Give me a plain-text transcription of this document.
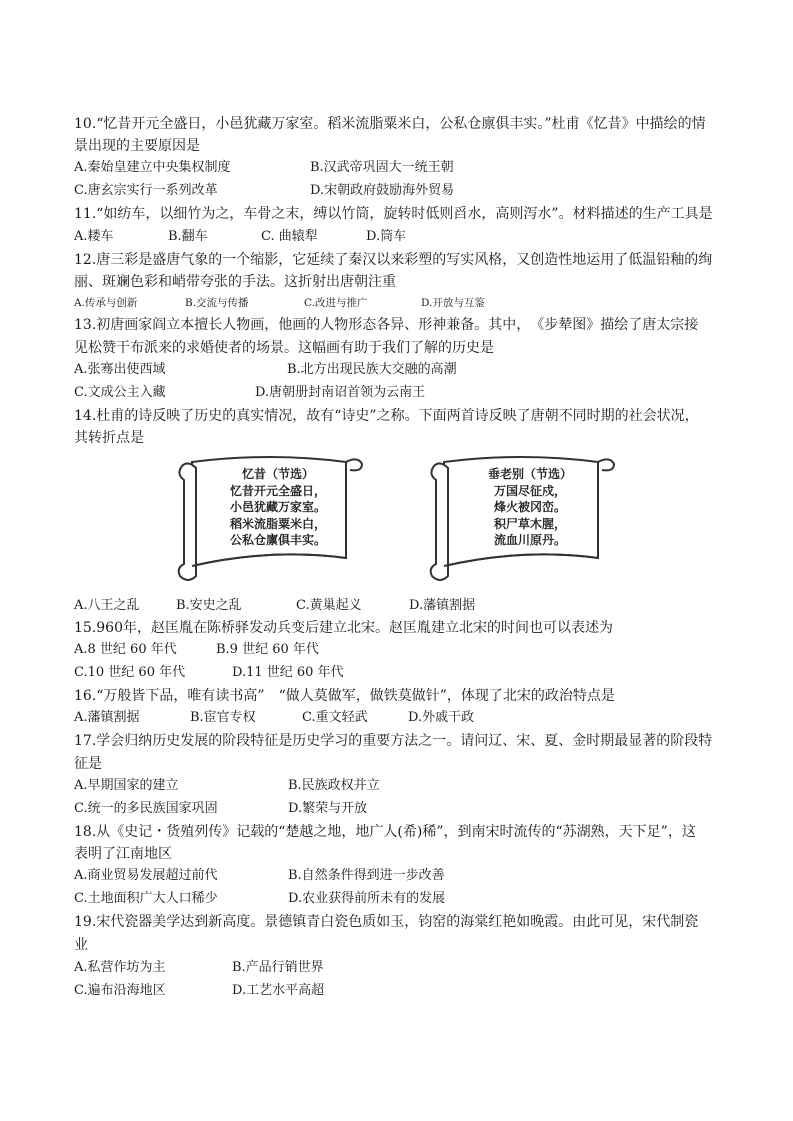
10.“忆昔开元全盛日，小邑犹藏万家室。稻米流脂粟米白，公私仓廪俱丰实。”杜甫《忆昔》中描绘的情
景出现的主要原因是
A.秦始皇建立中央集权制度	B.汉武帝巩固大一统王朝
C.唐玄宗实行一系列改革	D.宋朝政府鼓励海外贸易
11.“如纺车，以细竹为之，车骨之末，缚以竹筒，旋转时低则舀水，高则泻水”。材料描述的生产工具是
A.耧车	B.翻车	C. 曲辕犁	D.筒车
12.唐三彩是盛唐气象的一个缩影，它延续了秦汉以来彩塑的写实风格，又创造性地运用了低温铅釉的绚
丽、斑斓色彩和峭带夸张的手法。这折射出唐朝注重
A.传承与创新	B.交流与传播	C.改进与推广	D.开放与互鉴
13.初唐画家阎立本擅长人物画，他画的人物形态各异、形神兼备。其中，　《步辇图》描绘了唐太宗接
见松赞干布派来的求婚使者的场景。这幅画有助于我们了解的历史是
A.张骞出使西域	B.北方出现民族大交融的高潮
C.文成公主入藏	D.唐朝册封南诏首领为云南王
14.杜甫的诗反映了历史的真实情况，故有“诗史”之称。下面两首诗反映了唐朝不同时期的社会状况，
其转折点是
忆昔（节选）
忆昔开元全盛日，
小邑犹藏万家室。
稻米流脂粟米白，
公私仓廪俱丰实。
垂老别（节选）
万国尽征戍，
烽火被冈峦。
积尸草木腥，
流血川原丹。
A.八王之乱	B.安史之乱	C.黄巢起义	D.藩镇割据
15.960年，赵匡胤在陈桥驿发动兵变后建立北宋。赵匡胤建立北宋的时间也可以表述为
A.8 世纪 60 年代	B.9 世纪 60 年代
C.10 世纪 60 年代	D.11 世纪 60 年代
16.“万般皆下品，唯有读书高”　“做人莫做军，做铁莫做针”，体现了北宋的政治特点是
A.藩镇割据	B.宦官专权	C.重文轻武	D.外戚干政
17.学会归纳历史发展的阶段特征是历史学习的重要方法之一。请问辽、宋、夏、金时期最显著的阶段特
征是
A.早期国家的建立	B.民族政权并立
C.统一的多民族国家巩固	D.繁荣与开放
18.从《史记・货殖列传》记载的“楚越之地，地广人(希)稀”，到南宋时流传的“苏湖熟，天下足”，这
表明了江南地区
A.商业贸易发展超过前代	B.自然条件得到进一步改善
C.土地面积广大人口稀少	D.农业获得前所未有的发展
19.宋代瓷器美学达到新高度。景德镇青白瓷色质如玉，钧窑的海棠红艳如晚霞。由此可见，宋代制瓷
业
A.私营作坊为主	B.产品行销世界
C.遍布沿海地区	D.工艺水平高超
